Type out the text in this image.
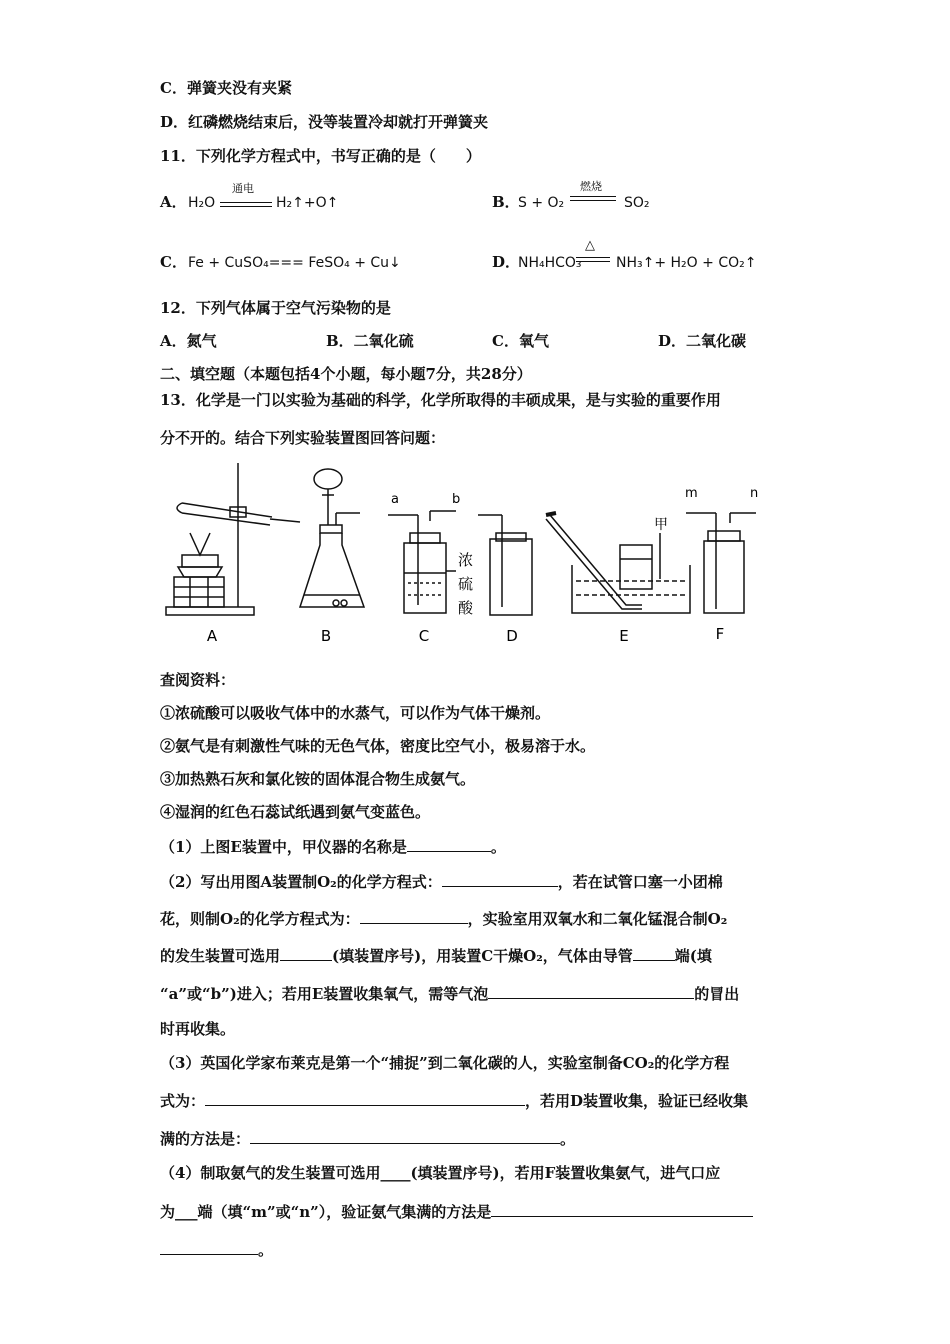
C．弹簧夹没有夹紧
D．红磷燃烧结束后，没等装置冷却就打开弹簧夹
11．下列化学方程式中，书写正确的是（　　）
A． H₂O
通电
H₂↑+O↑	B．
S + O₂
燃烧
SO₂
C． Fe + CuSO₄=== FeSO₄ + Cu↓	D．
NH₄HCO₃
△
NH₃↑+ H₂O + CO₂↑
12．下列气体属于空气污染物的是
A．氮气	B．二氧化硫	C．氧气	D．二氧化碳
二、填空题（本题包括4个小题，每小题7分，共28分）
13．化学是一门以实验为基础的科学，化学所取得的丰硕成果，是与实验的重要作用
分不开的。结合下列实验装置图回答问题：
A	B
a	b
浓
硫
酸
C	D
甲
E
m	n
F
查阅资料：
①浓硫酸可以吸收气体中的水蒸气，可以作为气体干燥剂。
②氨气是有刺激性气味的无色气体，密度比空气小，极易溶于水。
③加热熟石灰和氯化铵的固体混合物生成氨气。
④湿润的红色石蕊试纸遇到氨气变蓝色。
（1）上图E装置中，甲仪器的名称是	。
（2）写出用图A装置制O₂的化学方程式：	，若在试管口塞一小团棉
花，则制O₂的化学方程式为：	，实验室用双氧水和二氧化锰混合制O₂
的发生装置可选用	(填装置序号)，用装置C干燥O₂，气体由导管	端(填
“a”或“b”)进入；若用E装置收集氧气，需等气泡	的冒出
时再收集。
（3）英国化学家布莱克是第一个“捕捉”到二氧化碳的人，实验室制备CO₂的化学方程
式为：	，若用D装置收集，验证已经收集
满的方法是：	。
（4）制取氨气的发生装置可选用____(填装置序号)，若用F装置收集氨气，进气口应
为___端（填“m”或“n”），验证氨气集满的方法是
。
